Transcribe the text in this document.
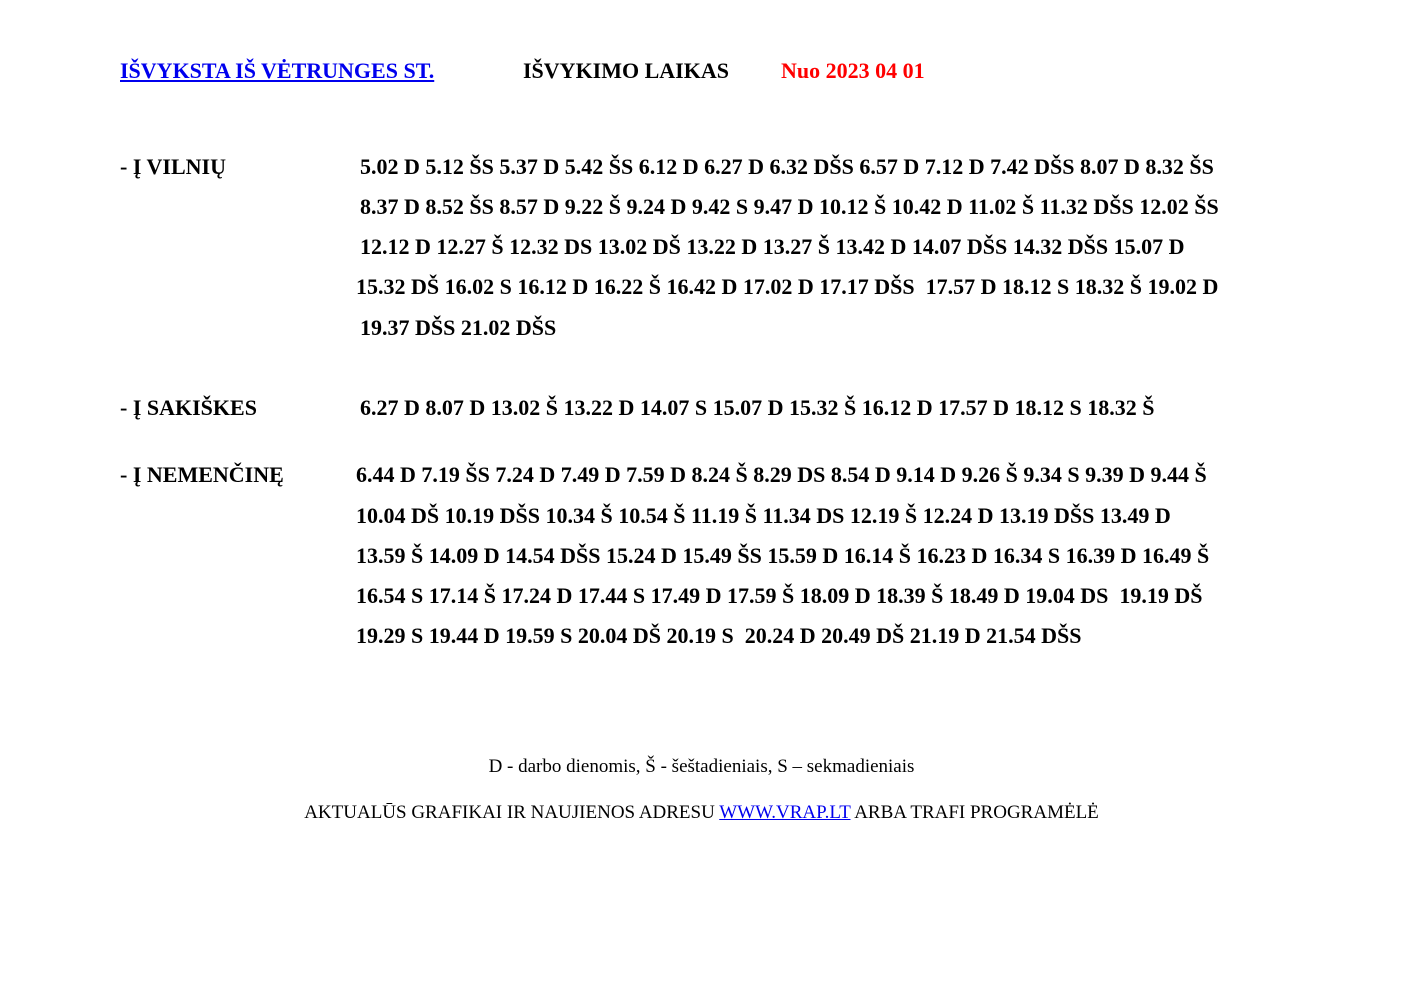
IŠVYKSTA IŠ VĖTRUNGES ST.	IŠVYKIMO LAIKAS Nuo 2023 04 01
- Į VILNIŲ	5.02 D 5.12 ŠS 5.37 D 5.42 ŠS 6.12 D 6.27 D 6.32 DŠS 6.57 D 7.12 D 7.42 DŠS 8.07 D 8.32 ŠS
8.37 D 8.52 ŠS 8.57 D 9.22 Š 9.24 D 9.42 S 9.47 D 10.12 Š 10.42 D 11.02 Š 11.32 DŠS 12.02 ŠS
12.12 D 12.27 Š 12.32 DS 13.02 DŠ 13.22 D 13.27 Š 13.42 D 14.07 DŠS 14.32 DŠS 15.07 D
15.32 DŠ 16.02 S 16.12 D 16.22 Š 16.42 D 17.02 D 17.17 DŠS  17.57 D 18.12 S 18.32 Š 19.02 D
19.37 DŠS 21.02 DŠS
- Į SAKIŠKES	6.27 D 8.07 D 13.02 Š 13.22 D 14.07 S 15.07 D 15.32 Š 16.12 D 17.57 D 18.12 S 18.32 Š
- Į NEMENČINĘ	6.44 D 7.19 ŠS 7.24 D 7.49 D 7.59 D 8.24 Š 8.29 DS 8.54 D 9.14 D 9.26 Š 9.34 S 9.39 D 9.44 Š
10.04 DŠ 10.19 DŠS 10.34 Š 10.54 Š 11.19 Š 11.34 DS 12.19 Š 12.24 D 13.19 DŠS 13.49 D
13.59 Š 14.09 D 14.54 DŠS 15.24 D 15.49 ŠS 15.59 D 16.14 Š 16.23 D 16.34 S 16.39 D 16.49 Š
16.54 S 17.14 Š 17.24 D 17.44 S 17.49 D 17.59 Š 18.09 D 18.39 Š 18.49 D 19.04 DS  19.19 DŠ
19.29 S 19.44 D 19.59 S 20.04 DŠ 20.19 S  20.24 D 20.49 DŠ 21.19 D 21.54 DŠS
D - darbo dienomis, Š - šeštadieniais, S – sekmadieniais
AKTUALŪS GRAFIKAI IR NAUJIENOS ADRESU WWW.VRAP.LT ARBA TRAFI PROGRAMĖLĖ
